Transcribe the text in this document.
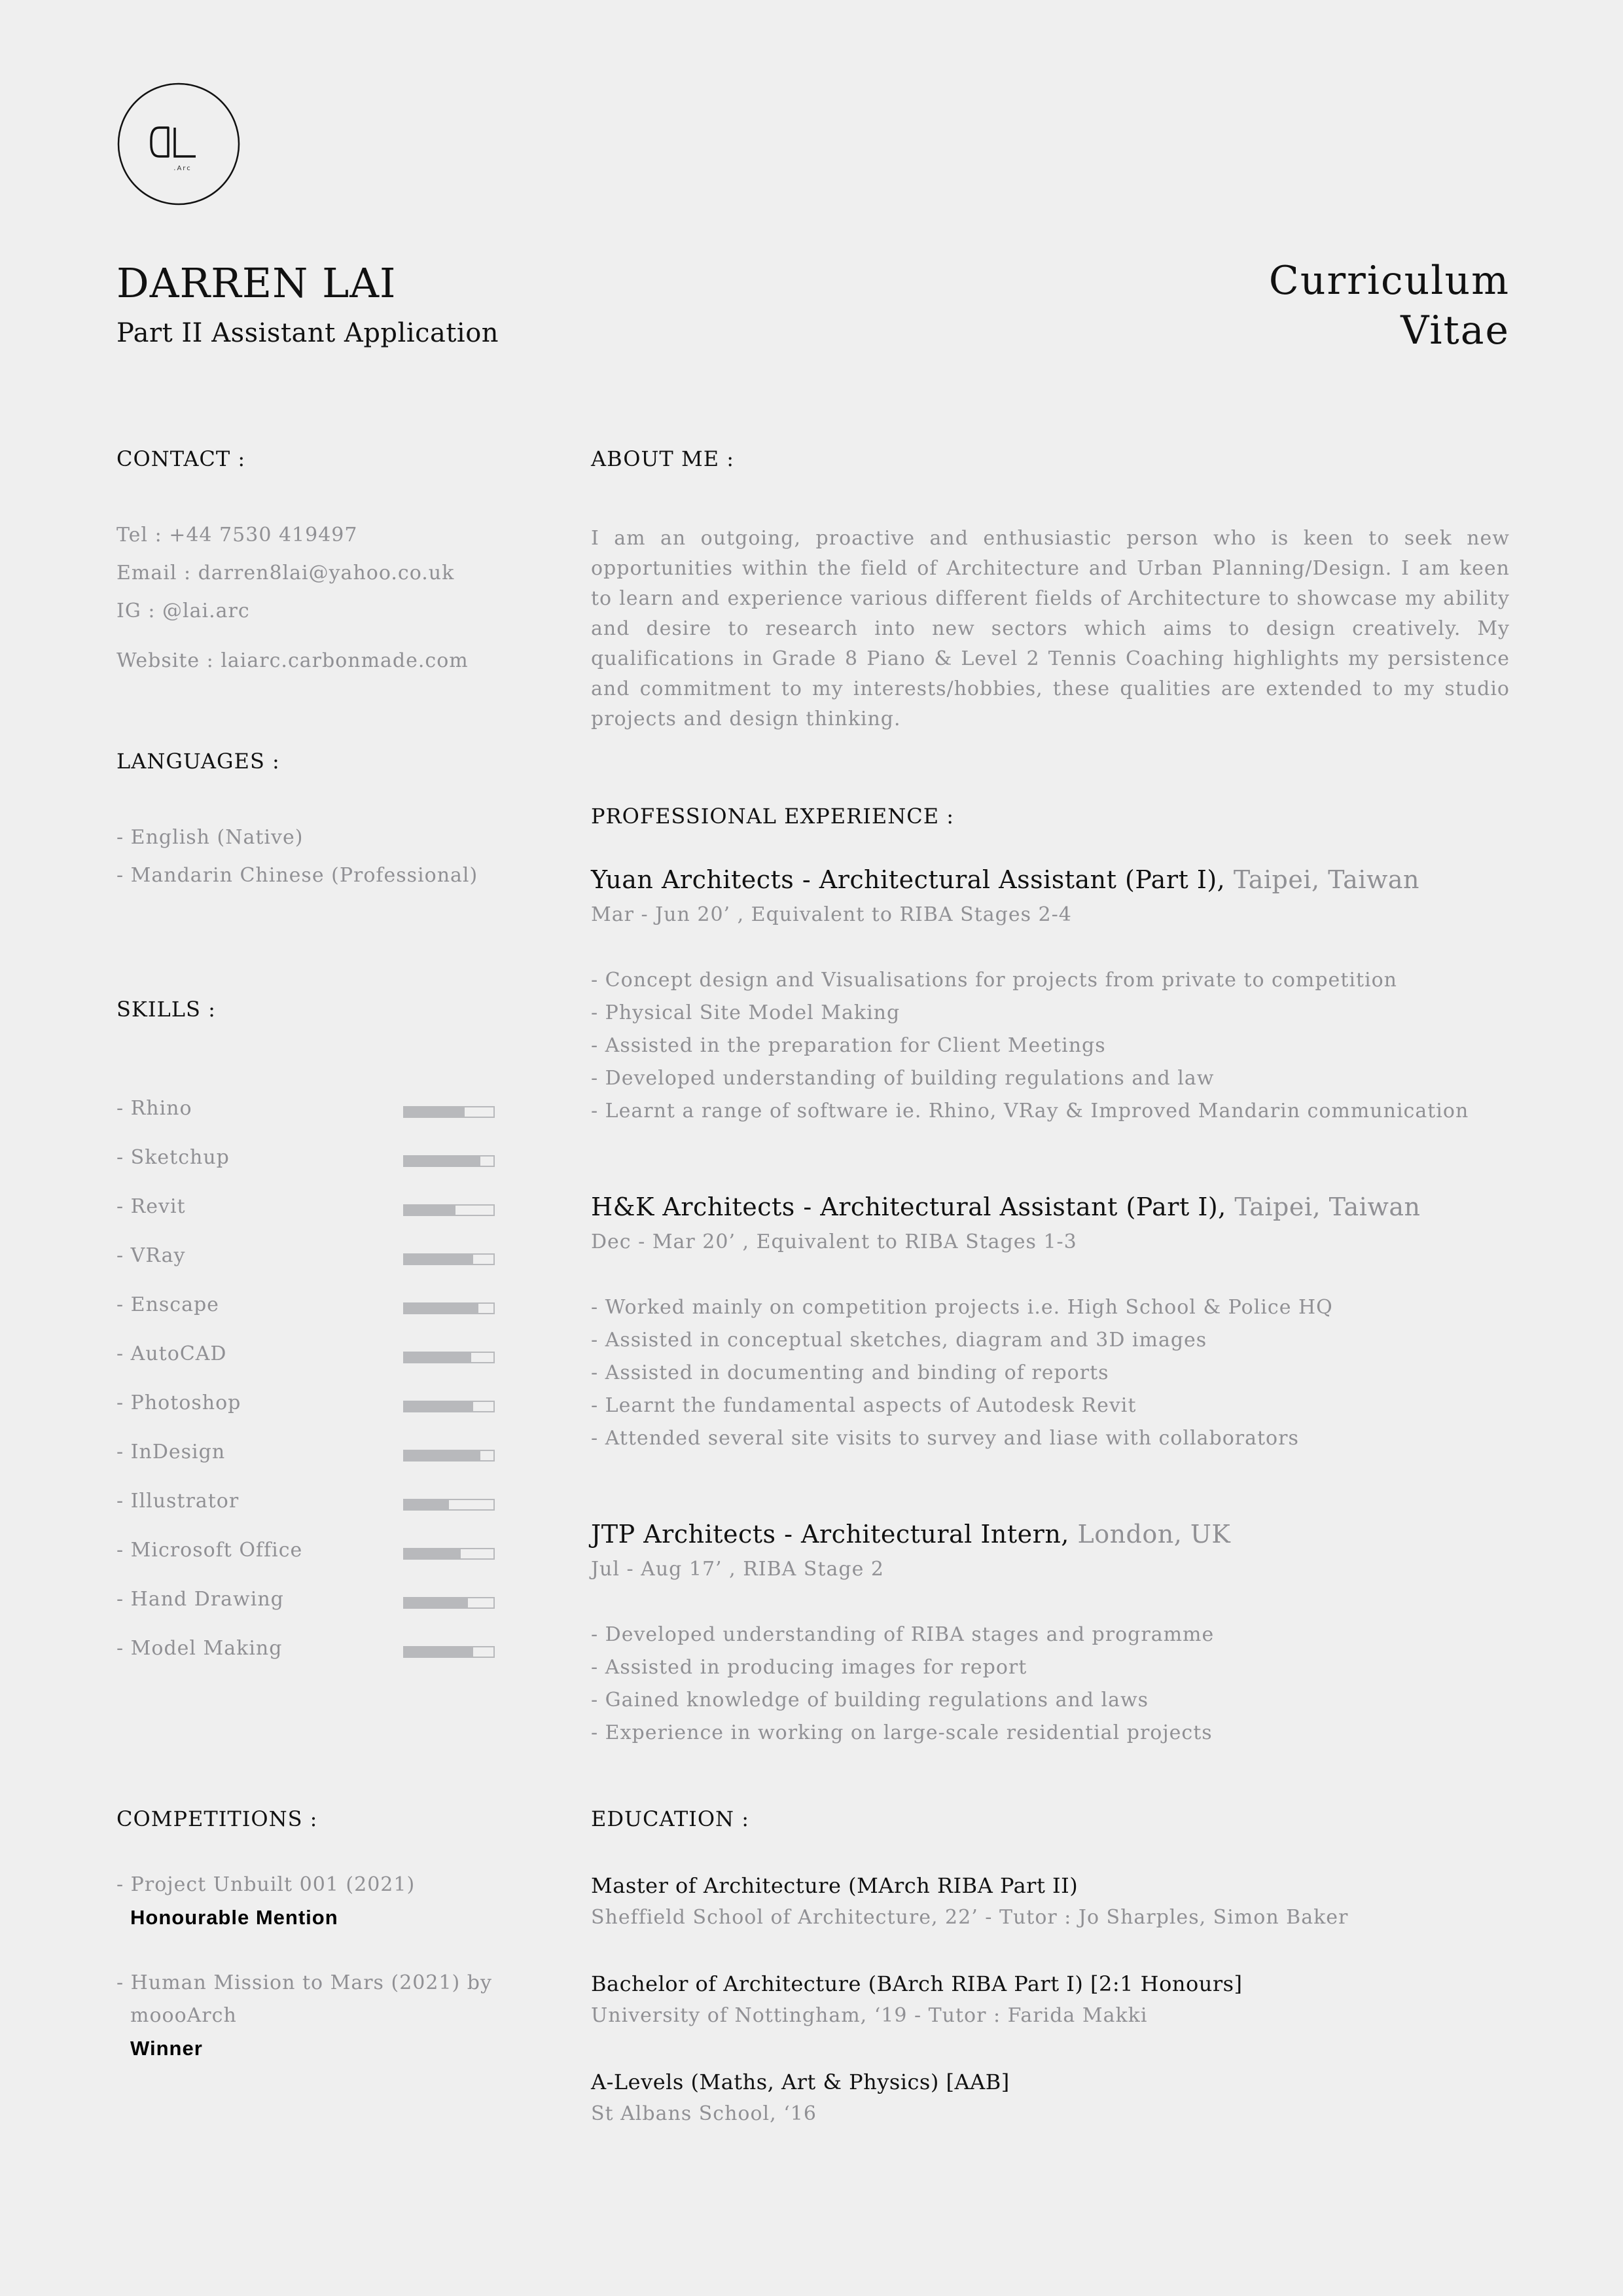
.Arc
DARREN LAI
Part II Assistant Application
Curriculum
Vitae
CONTACT :
Tel : +44 7530 419497
Email : darren8lai@yahoo.co.uk
IG : @lai.arc
Website : laiarc.carbonmade.com
ABOUT ME :
I am an outgoing, proactive and enthusiastic person who is keen to seek new opportunities within the field of Architecture and Urban Planning/Design. I am keen to learn and experience various different fields of Architecture to showcase my ability and desire to research into new sectors which aims to design creatively. My qualifications in Grade 8 Piano & Level 2 Tennis Coaching highlights my persistence and commitment to my interests/hobbies, these qualities are extended to my studio projects and design thinking.
LANGUAGES :
- English (Native)
- Mandarin Chinese (Professional)
SKILLS :
- Rhino
- Sketchup
- Revit
- VRay
- Enscape
- AutoCAD
- Photoshop
- InDesign
- Illustrator
- Microsoft Office
- Hand Drawing
- Model Making
PROFESSIONAL EXPERIENCE :
Yuan Architects - Architectural Assistant (Part I), Taipei, Taiwan
Mar - Jun 20’ , Equivalent to RIBA Stages 2-4
- Concept design and Visualisations for projects from private to competition
- Physical Site Model Making
- Assisted in the preparation for Client Meetings
- Developed understanding of building regulations and law
- Learnt a range of software ie. Rhino, VRay & Improved Mandarin communication
H&K Architects - Architectural Assistant (Part I), Taipei, Taiwan
Dec - Mar 20’ , Equivalent to RIBA Stages 1-3
- Worked mainly on competition projects i.e. High School & Police HQ
- Assisted in conceptual sketches, diagram and 3D images
- Assisted in documenting and binding of reports
- Learnt the fundamental aspects of Autodesk Revit
- Attended several site visits to survey and liase with collaborators
JTP Architects - Architectural Intern, London, UK
Jul - Aug 17’ , RIBA Stage 2
- Developed understanding of RIBA stages and programme
- Assisted in producing images for report
- Gained knowledge of building regulations and laws
- Experience in working on large-scale residential projects
COMPETITIONS :
- Project Unbuilt 001 (2021)
Honourable Mention
- Human Mission to Mars (2021) by
moooArch
Winner
EDUCATION :
Master of Architecture (MArch RIBA Part II)
Sheffield School of Architecture, 22’ - Tutor : Jo Sharples, Simon Baker
Bachelor of Architecture (BArch RIBA Part I) [2:1 Honours]
University of Nottingham, ‘19 - Tutor : Farida Makki
A-Levels (Maths, Art & Physics) [AAB]
St Albans School, ‘16
